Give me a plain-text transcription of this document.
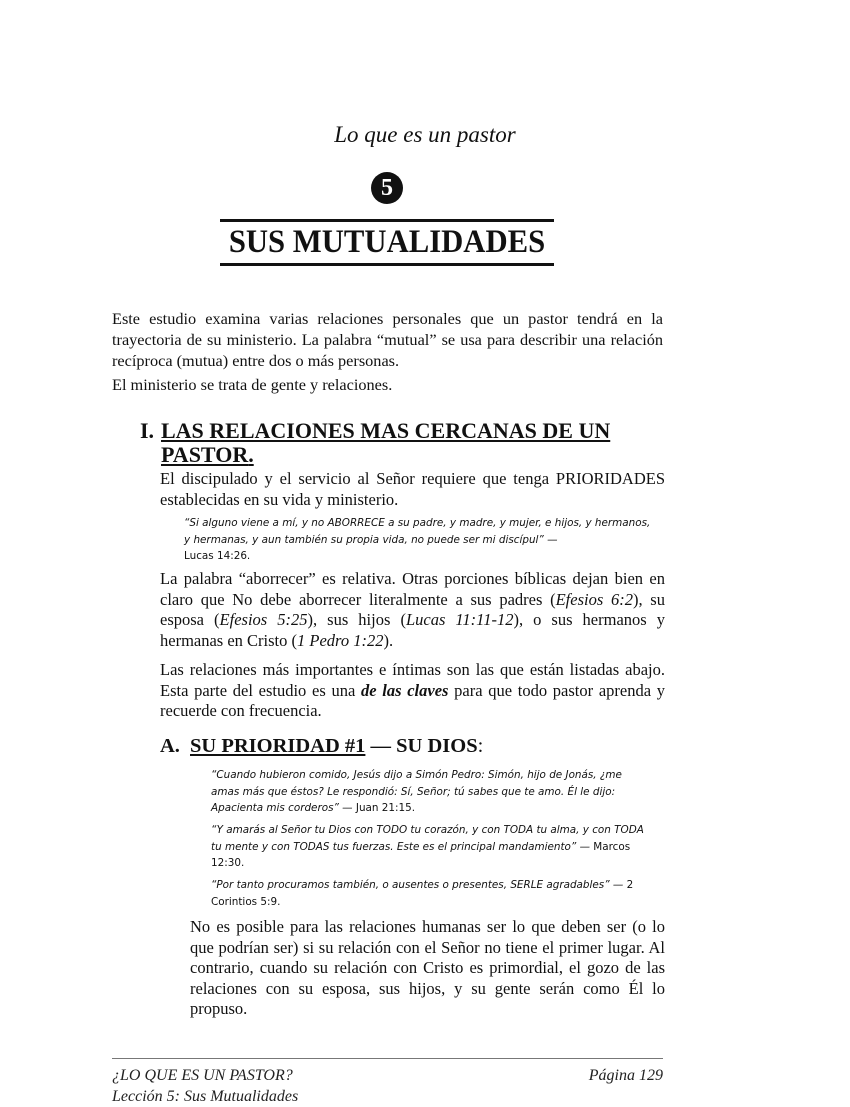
Lo que es un pastor
5
SUS MUTUALIDADES

Este estudio examina varias relaciones personales que un pastor tendrá en la trayectoria de su ministerio. La palabra “mutual” se usa para describir una relación recíproca (mutua) entre dos o más personas.

El ministerio se trata de gente y relaciones.

I. LAS RELACIONES MAS CERCANAS DE UN PASTOR.

El discipulado y el servicio al Señor requiere que tenga PRIORIDADES establecidas en su vida y ministerio.

“Si alguno viene a mí, y no ABORRECE a su padre, y madre, y mujer, e hijos, y hermanos, y hermanas, y aun también su propia vida, no puede ser mi discípul” —
Lucas 14:26.

La palabra “aborrecer” es relativa. Otras porciones bíblicas dejan bien en claro que No debe aborrecer literalmente a sus padres (Efesios 6:2), su esposa (Efesios 5:25), sus hijos (Lucas 11:11-12), o sus hermanos y hermanas en Cristo (1 Pedro 1:22).

Las relaciones más importantes e íntimas son las que están listadas abajo. Esta parte del estudio es una de las claves para que todo pastor aprenda y recuerde con frecuencia.

A. SU PRIORIDAD #1 — SU DIOS:

“Cuando hubieron comido, Jesús dijo a Simón Pedro: Simón, hijo de Jonás, ¿me amas más que éstos? Le respondió: Sí, Señor; tú sabes que te amo. Él le dijo: Apacienta mis corderos” — Juan 21:15.

“Y amarás al Señor tu Dios con TODO tu corazón, y con TODA tu alma, y con TODA tu mente y con TODAS tus fuerzas. Este es el principal mandamiento” — Marcos 12:30.

“Por tanto procuramos también, o ausentes o presentes, SERLE agradables” — 2 Corintios 5:9.

No es posible para las relaciones humanas ser lo que deben ser (o lo que podrían ser) si su relación con el Señor no tiene el primer lugar. Al contrario, cuando su relación con Cristo es primordial, el gozo de las relaciones con su esposa, sus hijos, y su gente serán como Él lo propuso.

¿LO QUE ES UN PASTOR?
Lección 5: Sus Mutualidades
Página 129
